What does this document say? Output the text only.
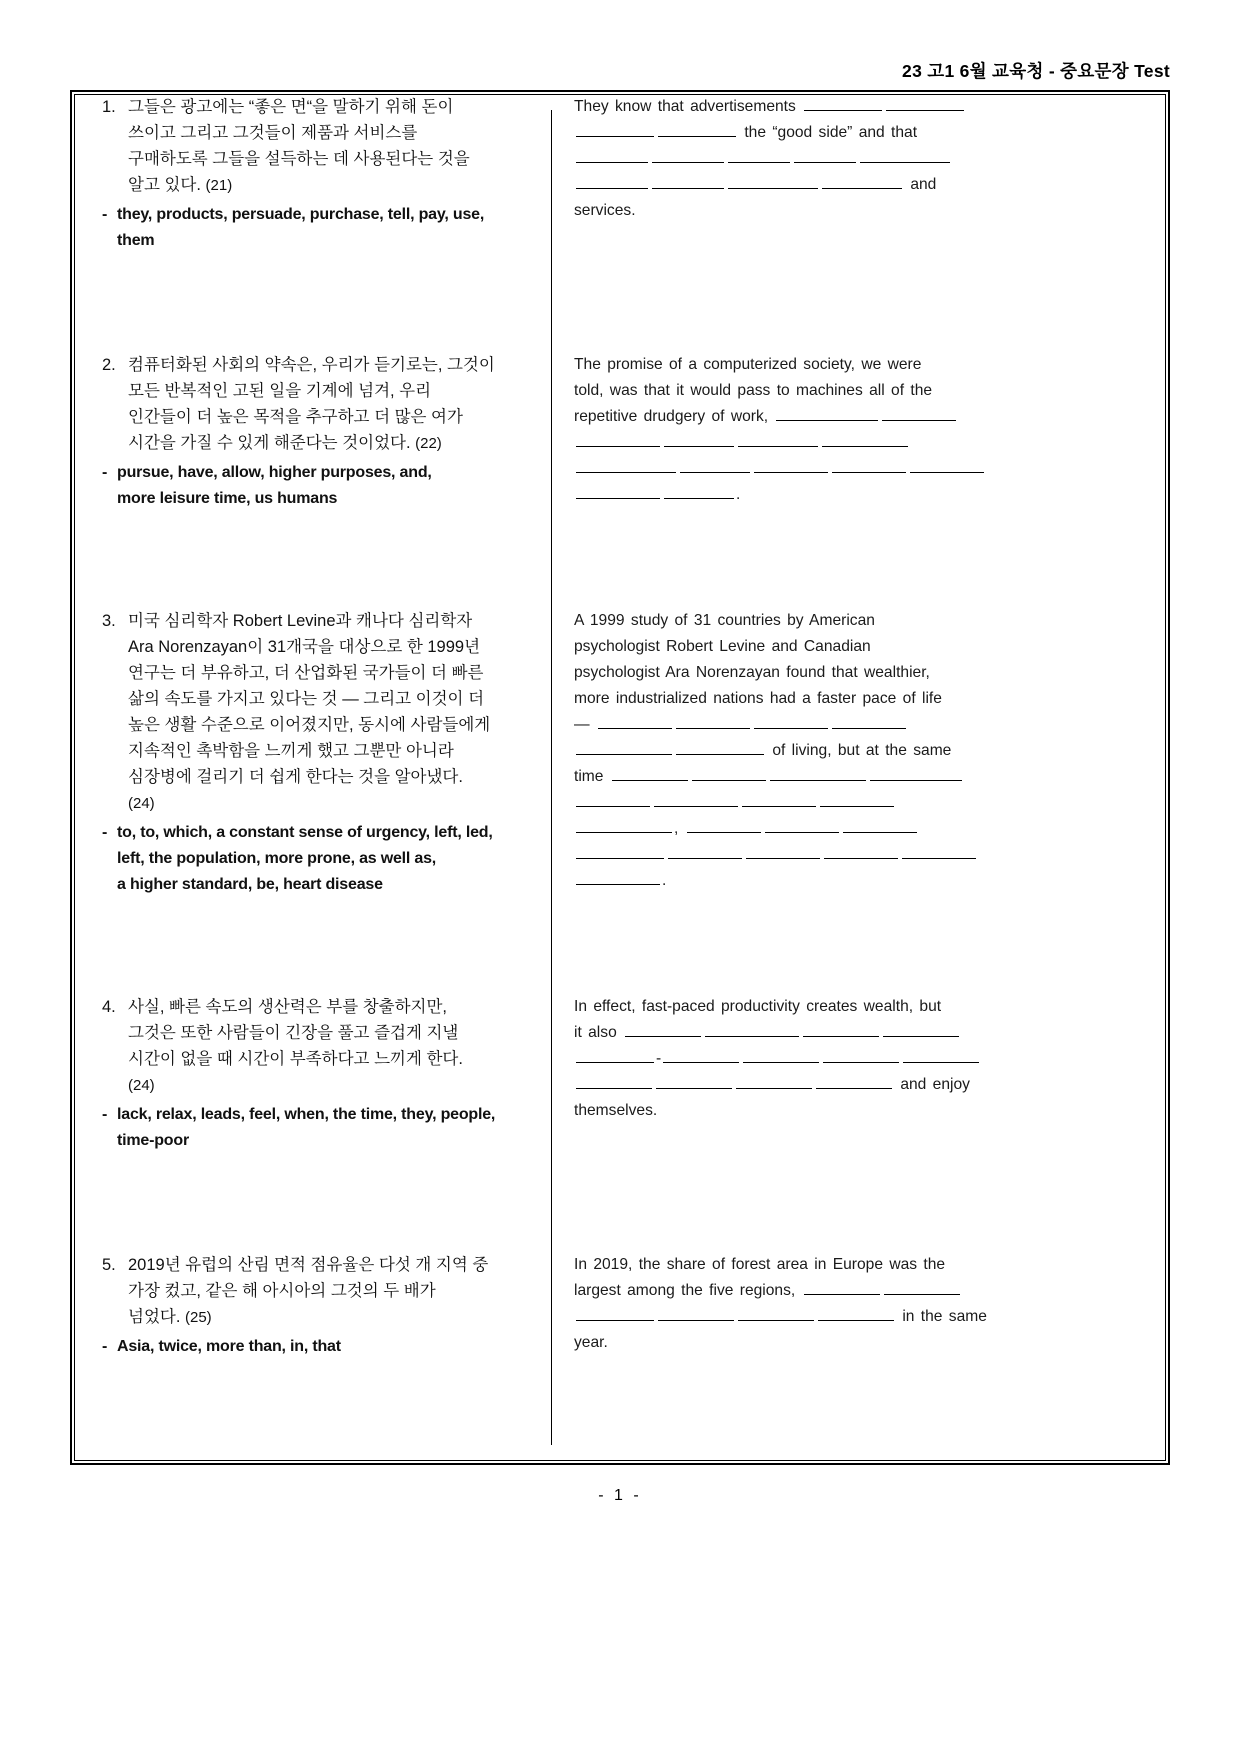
23 고1 6월 교육청 - 중요문장 Test
1. 그들은 광고에는 “좋은 면“을 말하기 위해 돈이
쓰이고 그리고 그것들이 제품과 서비스를
구매하도록 그들을 설득하는 데 사용된다는 것을
알고 있다. (21)
- they, products, persuade, purchase, tell, pay, use,
them

They know that advertisements
the “good side” and that

and
services.

2. 컴퓨터화된 사회의 약속은, 우리가 듣기로는, 그것이
모든 반복적인 고된 일을 기계에 넘겨, 우리
인간들이 더 높은 목적을 추구하고 더 많은 여가
시간을 가질 수 있게 해준다는 것이었다. (22)
- pursue, have, allow, higher purposes, and,
more leisure time, us humans

The promise of a computerized society, we were
told, was that it would pass to machines all of the
repetitive drudgery of work,

.

3. 미국 심리학자 Robert Levine과 캐나다 심리학자
Ara Norenzayan이 31개국을 대상으로 한 1999년
연구는 더 부유하고, 더 산업화된 국가들이 더 빠른
삶의 속도를 가지고 있다는 것 — 그리고 이것이 더
높은 생활 수준으로 이어졌지만, 동시에 사람들에게
지속적인 촉박함을 느끼게 했고 그뿐만 아니라
심장병에 걸리기 더 쉽게 한다는 것을 알아냈다.
(24)
- to, to, which, a constant sense of urgency, left, led,
left, the population, more prone, as well as,
a higher standard, be, heart disease

A 1999 study of 31 countries by American
psychologist Robert Levine and Canadian
psychologist Ara Norenzayan found that wealthier,
more industrialized nations had a faster pace of life
—
of living, but at the same
time

,

.

4. 사실, 빠른 속도의 생산력은 부를 창출하지만,
그것은 또한 사람들이 긴장을 풀고 즐겁게 지낼
시간이 없을 때 시간이 부족하다고 느끼게 한다.
(24)
- lack, relax, leads, feel, when, the time, they, people,
time-poor

In effect, fast-paced productivity creates wealth, but
it also
-
and enjoy
themselves.

5. 2019년 유럽의 산림 면적 점유율은 다섯 개 지역 중
가장 컸고, 같은 해 아시아의 그것의 두 배가
넘었다. (25)
- Asia, twice, more than, in, that

In 2019, the share of forest area in Europe was the
largest among the five regions,
in the same
year.

- 1 -
